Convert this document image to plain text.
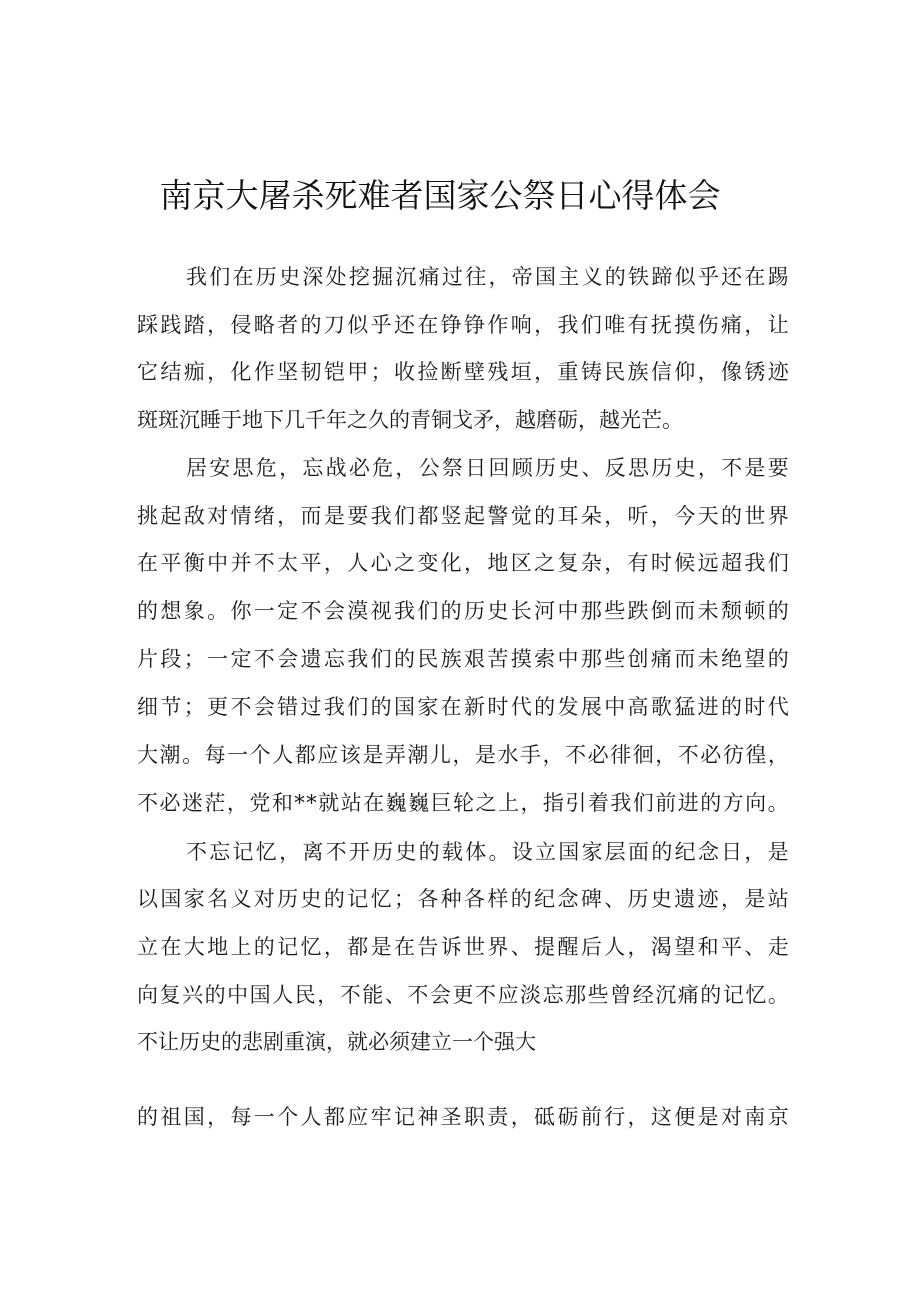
南京大屠杀死难者国家公祭日心得体会
我 们 在 历 史 深 处 挖 掘 沉 痛 过 往 ， 帝 国 主 义 的 铁 蹄 似 乎 还 在 踢
踩 践 踏 ， 侵 略 者 的 刀 似 乎 还 在 铮 铮 作 响 ， 我 们 唯 有 抚 摸 伤 痛 ， 让
它 结 痂 ， 化 作 坚 韧 铠 甲 ； 收 捡 断 壁 残 垣 ， 重 铸 民 族 信 仰 ， 像 锈 迹
斑斑沉睡于地下几千年之久的青铜戈矛，越磨砺，越光芒。
居 安 思 危 ， 忘 战 必 危 ， 公 祭 日 回 顾 历 史 、 反 思 历 史 ， 不 是 要
挑 起 敌 对 情 绪 ， 而 是 要 我 们 都 竖 起 警 觉 的 耳 朵 ， 听 ， 今 天 的 世 界
在 平 衡 中 并 不 太 平 ， 人 心 之 变 化 ， 地 区 之 复 杂 ， 有 时 候 远 超 我 们
的 想 象 。 你 一 定 不 会 漠 视 我 们 的 历 史 长 河 中 那 些 跌 倒 而 未 颓 顿 的
片 段 ； 一 定 不 会 遗 忘 我 们 的 民 族 艰 苦 摸 索 中 那 些 创 痛 而 未 绝 望 的
细 节 ； 更 不 会 错 过 我 们 的 国 家 在 新 时 代 的 发 展 中 高 歌 猛 进 的 时 代
大 潮 。 每 一 个 人 都 应 该 是 弄 潮 儿 ， 是 水 手 ， 不 必 徘 徊 ， 不 必 彷 徨 ，
不 必 迷 茫 ， 党 和 * * 就 站 在 巍 巍 巨 轮 之 上 ， 指 引 着 我 们 前 进 的 方 向 。
不 忘 记 忆 ， 离 不 开 历 史 的 载 体 。 设 立 国 家 层 面 的 纪 念 日 ， 是
以 国 家 名 义 对 历 史 的 记 忆 ； 各 种 各 样 的 纪 念 碑 、 历 史 遗 迹 ， 是 站
立 在 大 地 上 的 记 忆 ， 都 是 在 告 诉 世 界 、 提 醒 后 人 ， 渴 望 和 平 、 走
向 复 兴 的 中 国 人 民 ， 不 能 、 不 会 更 不 应 淡 忘 那 些 曾 经 沉 痛 的 记 忆 。
不让历史的悲剧重演，就必须建立一个强大
的 祖 国 ， 每 一 个 人 都 应 牢 记 神 圣 职 责 ， 砥 砺 前 行 ， 这 便 是 对 南 京
